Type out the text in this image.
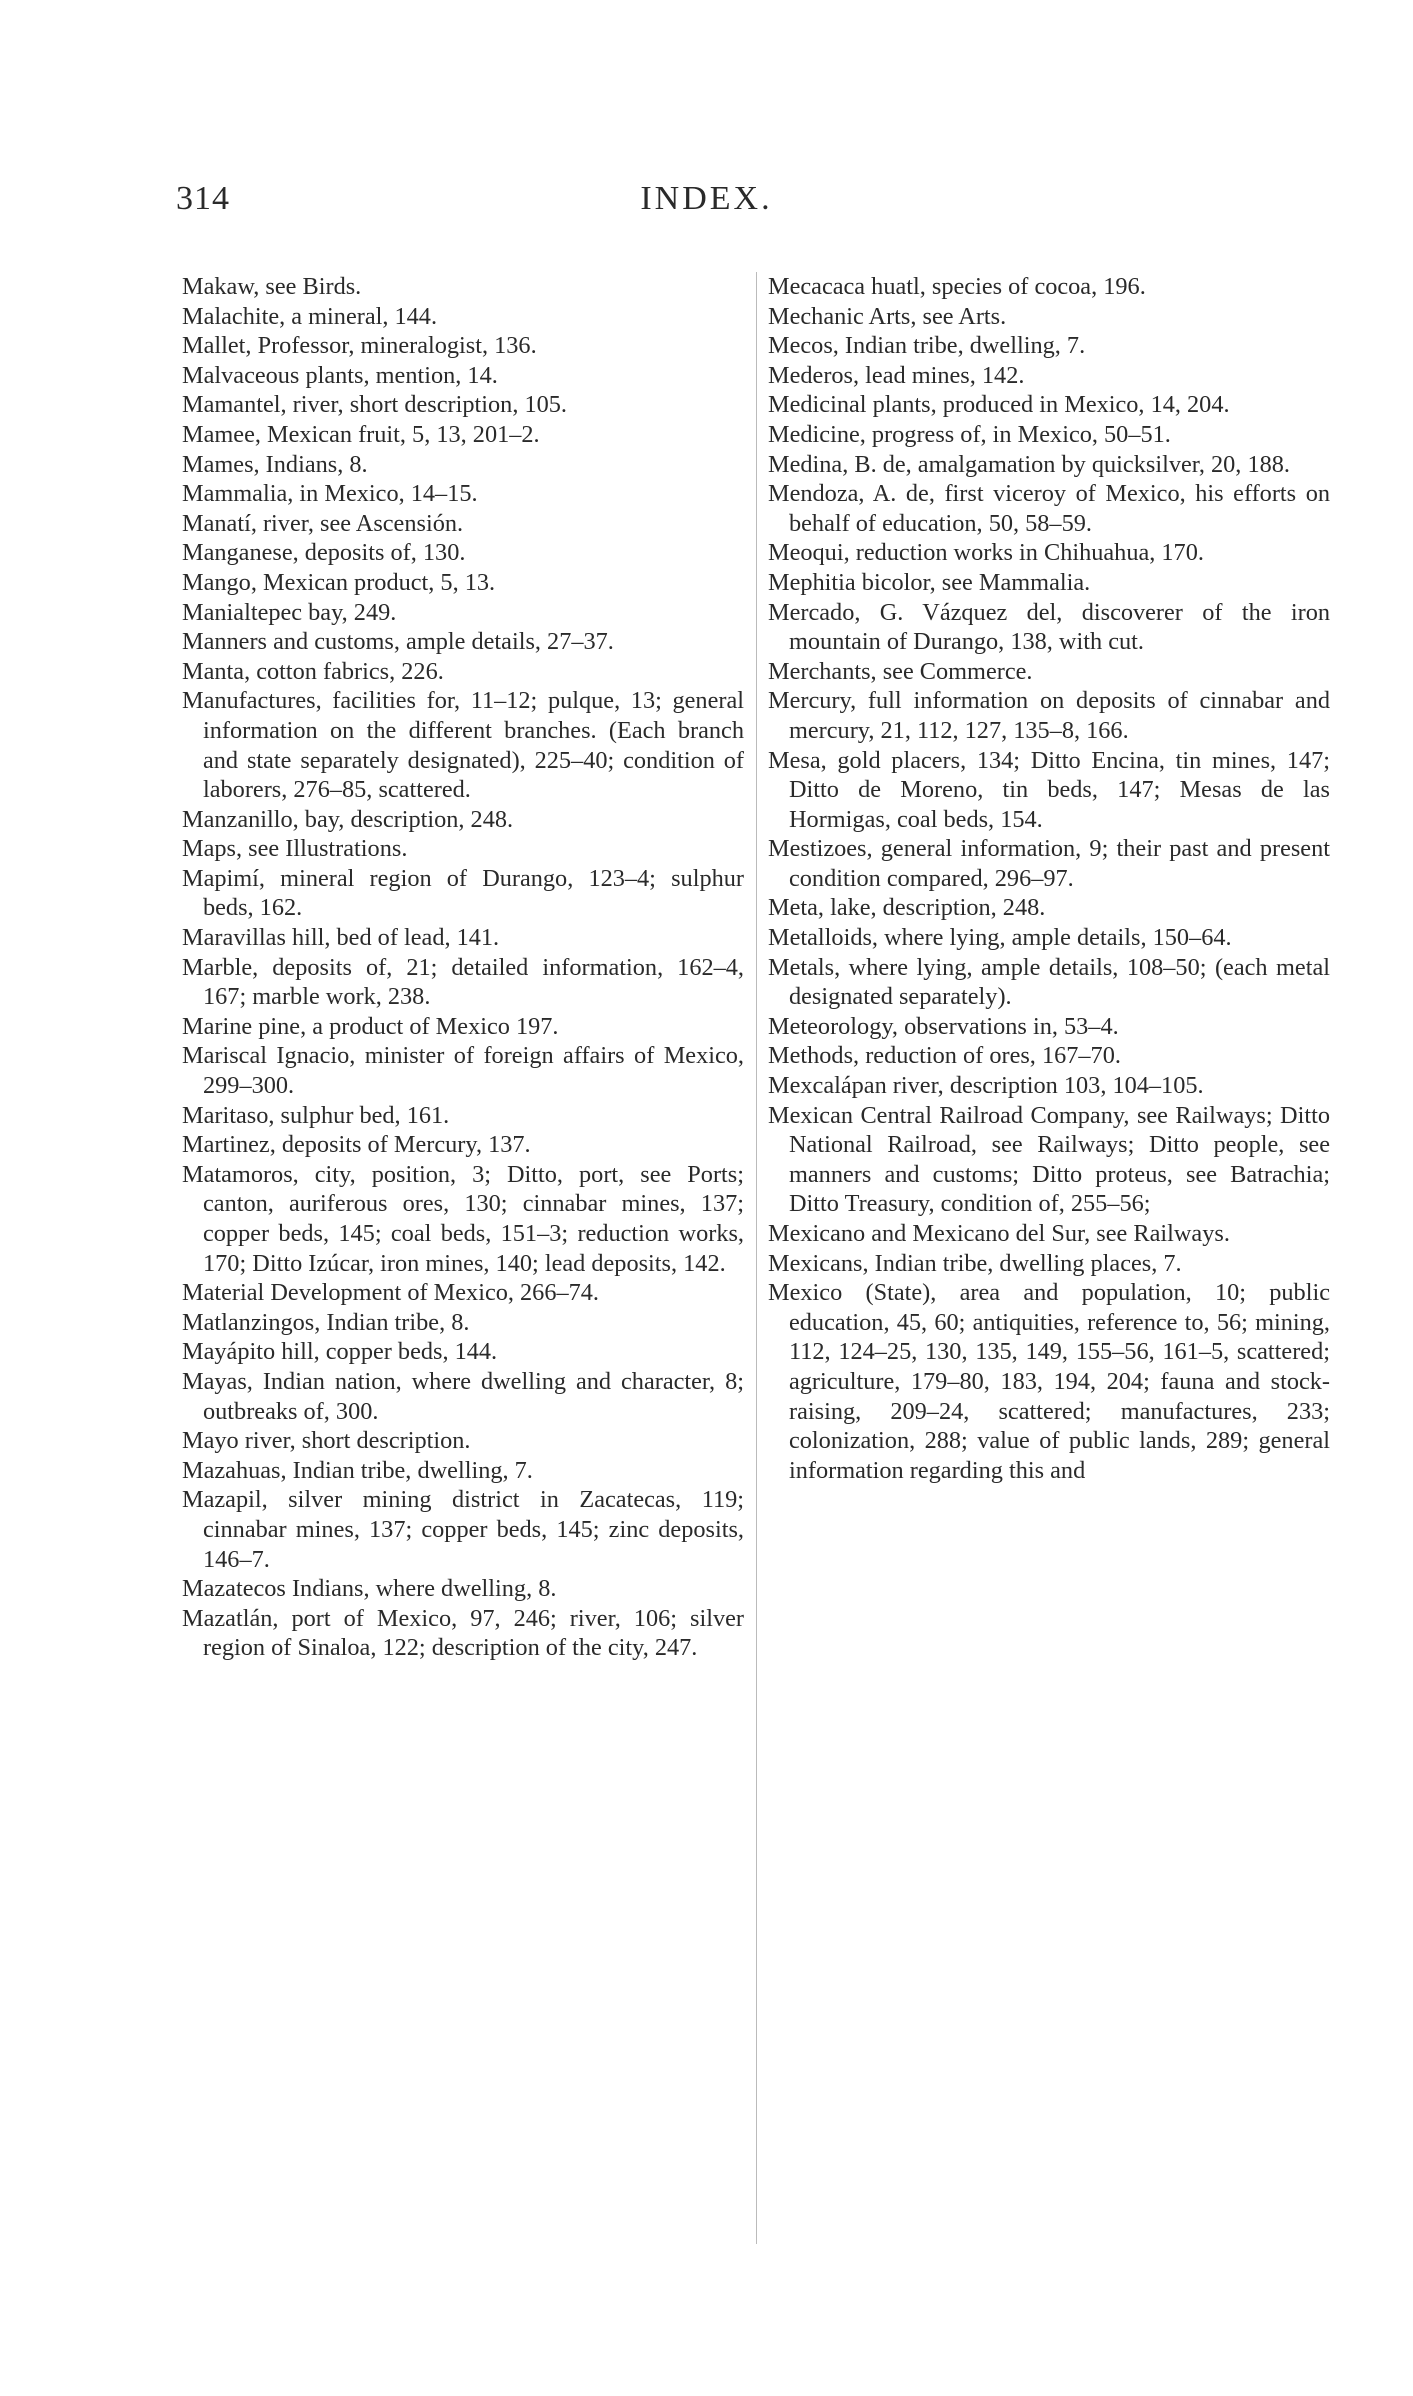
314	INDEX.

Makaw, see Birds.

Malachite, a mineral, 144.

Mallet, Professor, mineralogist, 136.

Malvaceous plants, mention, 14.

Mamantel, river, short description, 105.

Mamee, Mexican fruit, 5, 13, 201–2.

Mames, Indians, 8.

Mammalia, in Mexico, 14–15.

Manatí, river, see Ascensión.

Manganese, deposits of, 130.

Mango, Mexican product, 5, 13.

Manialtepec bay, 249.

Manners and customs, ample details, 27–37.

Manta, cotton fabrics, 226.

Manufactures, facilities for, 11–12; pulque, 13; general information on the different branches. (Each branch and state separately designated), 225–40; condition of laborers, 276–85, scattered.

Manzanillo, bay, description, 248.

Maps, see Illustrations.

Mapimí, mineral region of Durango, 123–4; sulphur beds, 162.

Maravillas hill, bed of lead, 141.

Marble, deposits of, 21; detailed information, 162–4, 167; marble work, 238.

Marine pine, a product of Mexico 197.

Mariscal Ignacio, minister of foreign affairs of Mexico, 299–300.

Maritaso, sulphur bed, 161.

Martinez, deposits of Mercury, 137.

Matamoros, city, position, 3; Ditto, port, see Ports; canton, auriferous ores, 130; cinnabar mines, 137; copper beds, 145; coal beds, 151–3; reduction works, 170; Ditto Izúcar, iron mines, 140; lead deposits, 142.

Material Development of Mexico, 266–74.

Matlanzingos, Indian tribe, 8.

Mayápito hill, copper beds, 144.

Mayas, Indian nation, where dwelling and character, 8; outbreaks of, 300.

Mayo river, short description.

Mazahuas, Indian tribe, dwelling, 7.

Mazapil, silver mining district in Zacatecas, 119; cinnabar mines, 137; copper beds, 145; zinc deposits, 146–7.

Mazatecos Indians, where dwelling, 8.

Mazatlán, port of Mexico, 97, 246; river, 106; silver region of Sinaloa, 122; description of the city, 247.

Mecacaca huatl, species of cocoa, 196.

Mechanic Arts, see Arts.

Mecos, Indian tribe, dwelling, 7.

Mederos, lead mines, 142.

Medicinal plants, produced in Mexico, 14, 204.

Medicine, progress of, in Mexico, 50–51.

Medina, B. de, amalgamation by quicksilver, 20, 188.

Mendoza, A. de, first viceroy of Mexico, his efforts on behalf of education, 50, 58–59.

Meoqui, reduction works in Chihuahua, 170.

Mephitia bicolor, see Mammalia.

Mercado, G. Vázquez del, discoverer of the iron mountain of Durango, 138, with cut.

Merchants, see Commerce.

Mercury, full information on deposits of cinnabar and mercury, 21, 112, 127, 135–8, 166.

Mesa, gold placers, 134; Ditto Encina, tin mines, 147; Ditto de Moreno, tin beds, 147; Mesas de las Hormigas, coal beds, 154.

Mestizoes, general information, 9; their past and present condition compared, 296–97.

Meta, lake, description, 248.

Metalloids, where lying, ample details, 150–64.

Metals, where lying, ample details, 108–50; (each metal designated separately).

Meteorology, observations in, 53–4.

Methods, reduction of ores, 167–70.

Mexcalápan river, description 103, 104–105.

Mexican Central Railroad Company, see Railways; Ditto National Railroad, see Railways; Ditto people, see manners and customs; Ditto proteus, see Batrachia; Ditto Treasury, condition of, 255–56;

Mexicano and Mexicano del Sur, see Railways.

Mexicans, Indian tribe, dwelling places, 7.

Mexico (State), area and population, 10; public education, 45, 60; antiquities, reference to, 56; mining, 112, 124–25, 130, 135, 149, 155–56, 161–5, scattered; agriculture, 179–80, 183, 194, 204; fauna and stock-raising, 209–24, scattered; manufactures, 233; colonization, 288; value of public lands, 289; general information regarding this and
